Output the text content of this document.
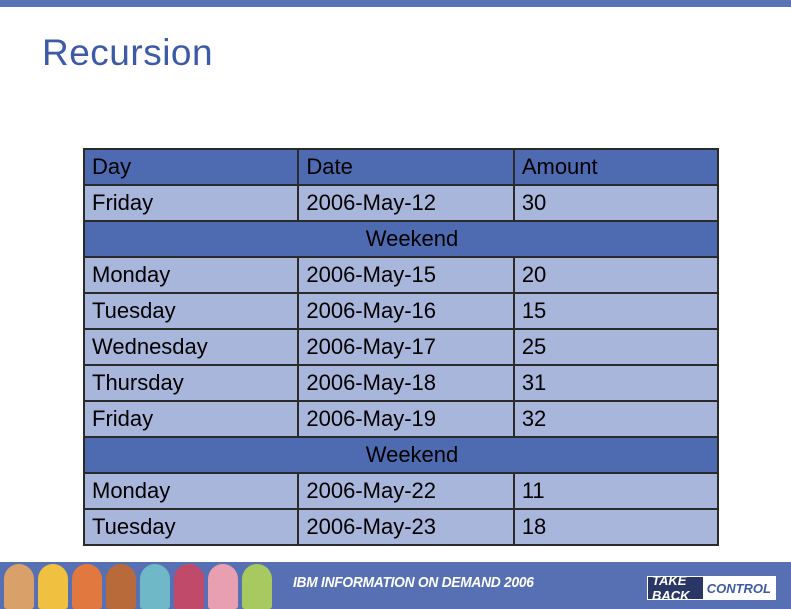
Recursion
Day	Date	Amount
Friday	2006-May-12	30
Weekend		
Monday	2006-May-15	20
Tuesday	2006-May-16	15
Wednesday	2006-May-17	25
Thursday	2006-May-18	31
Friday	2006-May-19	32
Weekend		
Monday	2006-May-22	11
Tuesday	2006-May-23	18
IBM INFORMATION ON DEMAND 2006	TAKE BACK	CONTROL
